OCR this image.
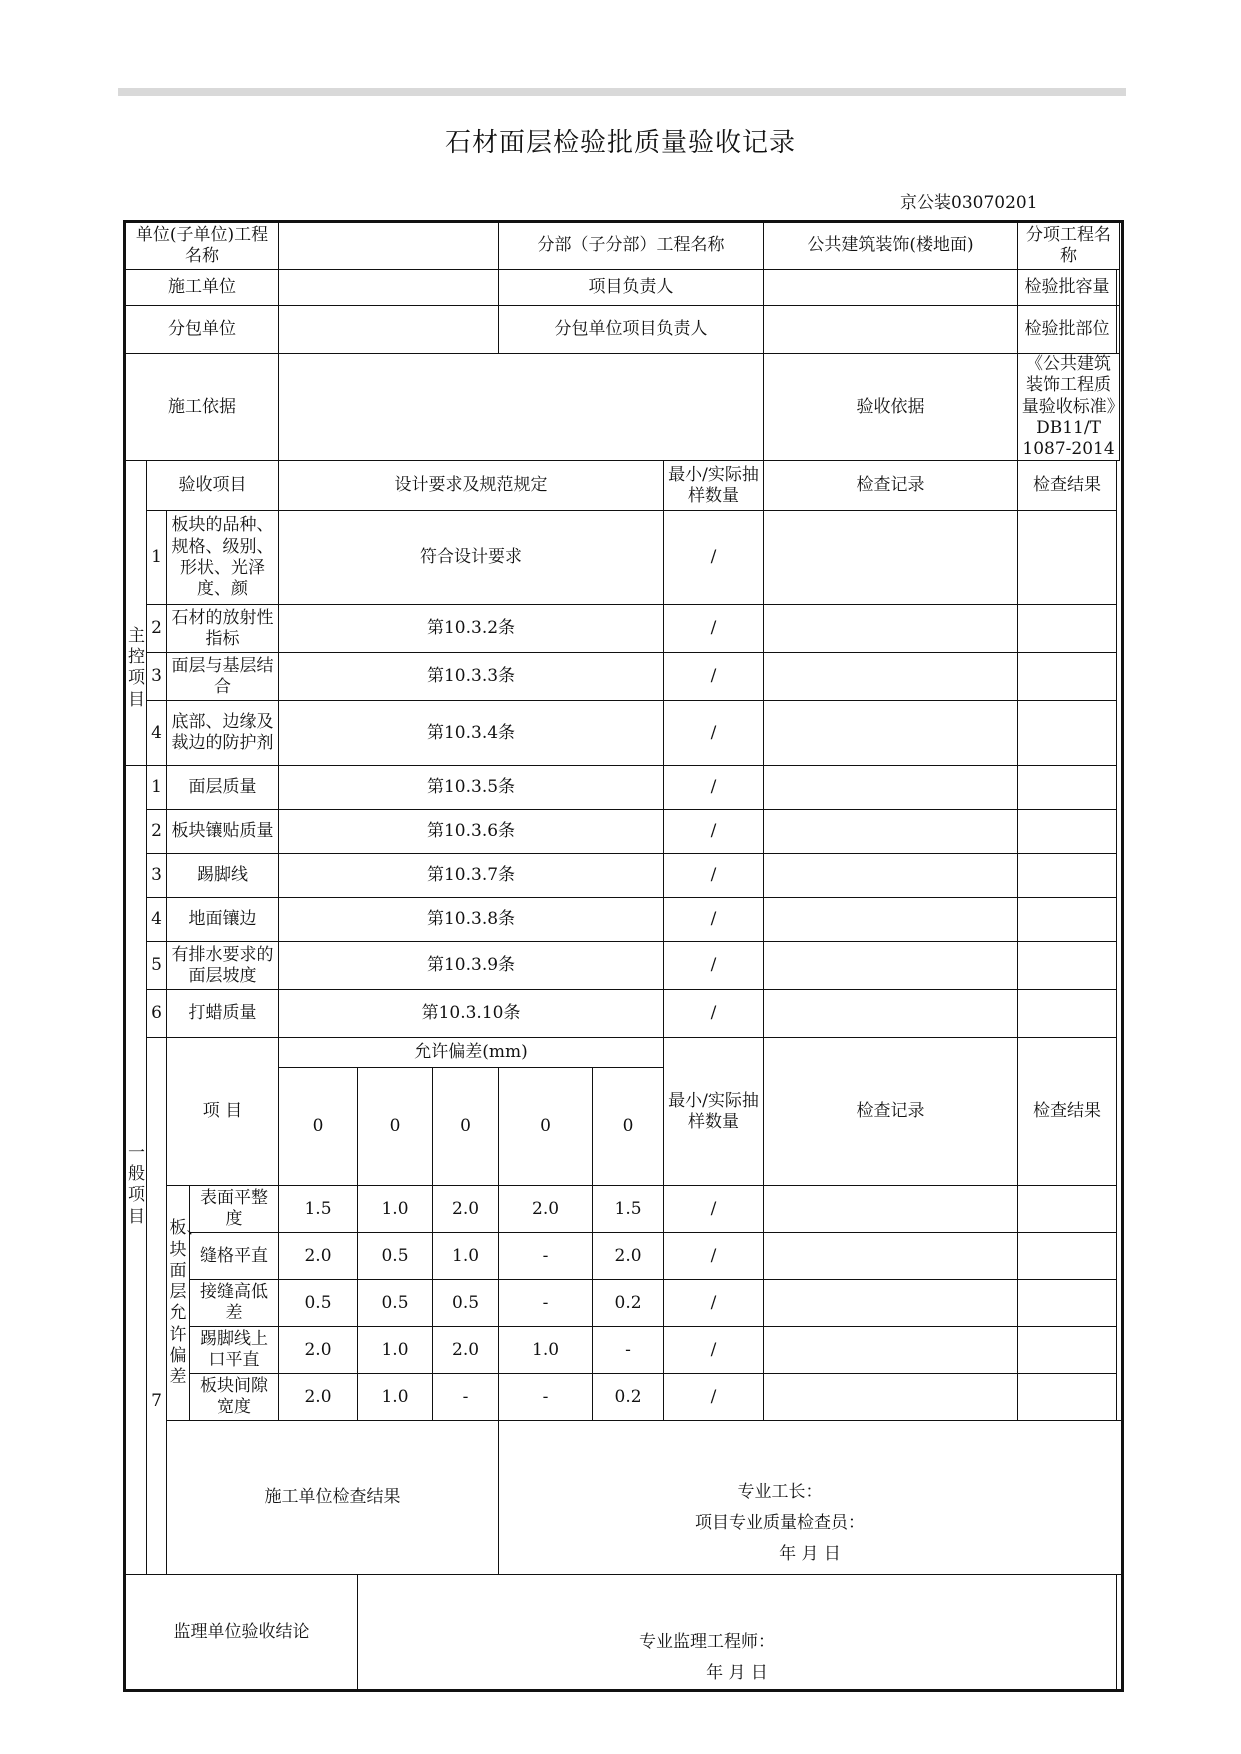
石材面层检验批质量验收记录
京公装03070201
单位(子单位)工程名称							分部（子分部）工程名称			公共建筑装饰(楼地面)	分项工程名称	
施工单位							项目负责人				检验批容量	
分包单位							分包单位项目负责人				检验批部位	
施工依据										验收依据	《公共建筑装饰工程质量验收标准》DB11/T 1087-2014	

主控项目	验收项目			设计要求及规范规定					最小/实际抽样数量	检查记录	检查结果	
	1	板块的品种、规格、级别、形状、光泽度、颜		符合设计要求					/			
	2	石材的放射性指标		第10.3.2条					/			
	3	面层与基层结合		第10.3.3条					/			
	4	底部、边缘及裁边的防护剂		第10.3.4条					/			

一般项目	1	面层质量		第10.3.5条					/			
	2	板块镶贴质量		第10.3.6条					/			
	3	踢脚线		第10.3.7条					/			
	4	地面镶边		第10.3.8条					/			
	5	有排水要求的面层坡度		第10.3.9条					/			
	6	打蜡质量		第10.3.10条					/			

	7	项 目		允许偏差(mm)					最小/实际抽样数量	检查记录	检查结果	
				0	0	0	0	0				

		板、块面层允许偏差	表面平整度	1.5	1.0	2.0	2.0	1.5	/			
			缝格平直	2.0	0.5	1.0	-	2.0	/			
			接缝高低差	0.5	0.5	0.5	-	0.2	/			
			踢脚线上口平直	2.0	1.0	2.0	1.0	-	/			
			板块间隙宽度	2.0	1.0	-	-	0.2	/			
		施工单位检查结果					专业工长：
项目专业质量检查员：
年 月 日					

监理单位验收结论					专业监理工程师：
年 月 日							
